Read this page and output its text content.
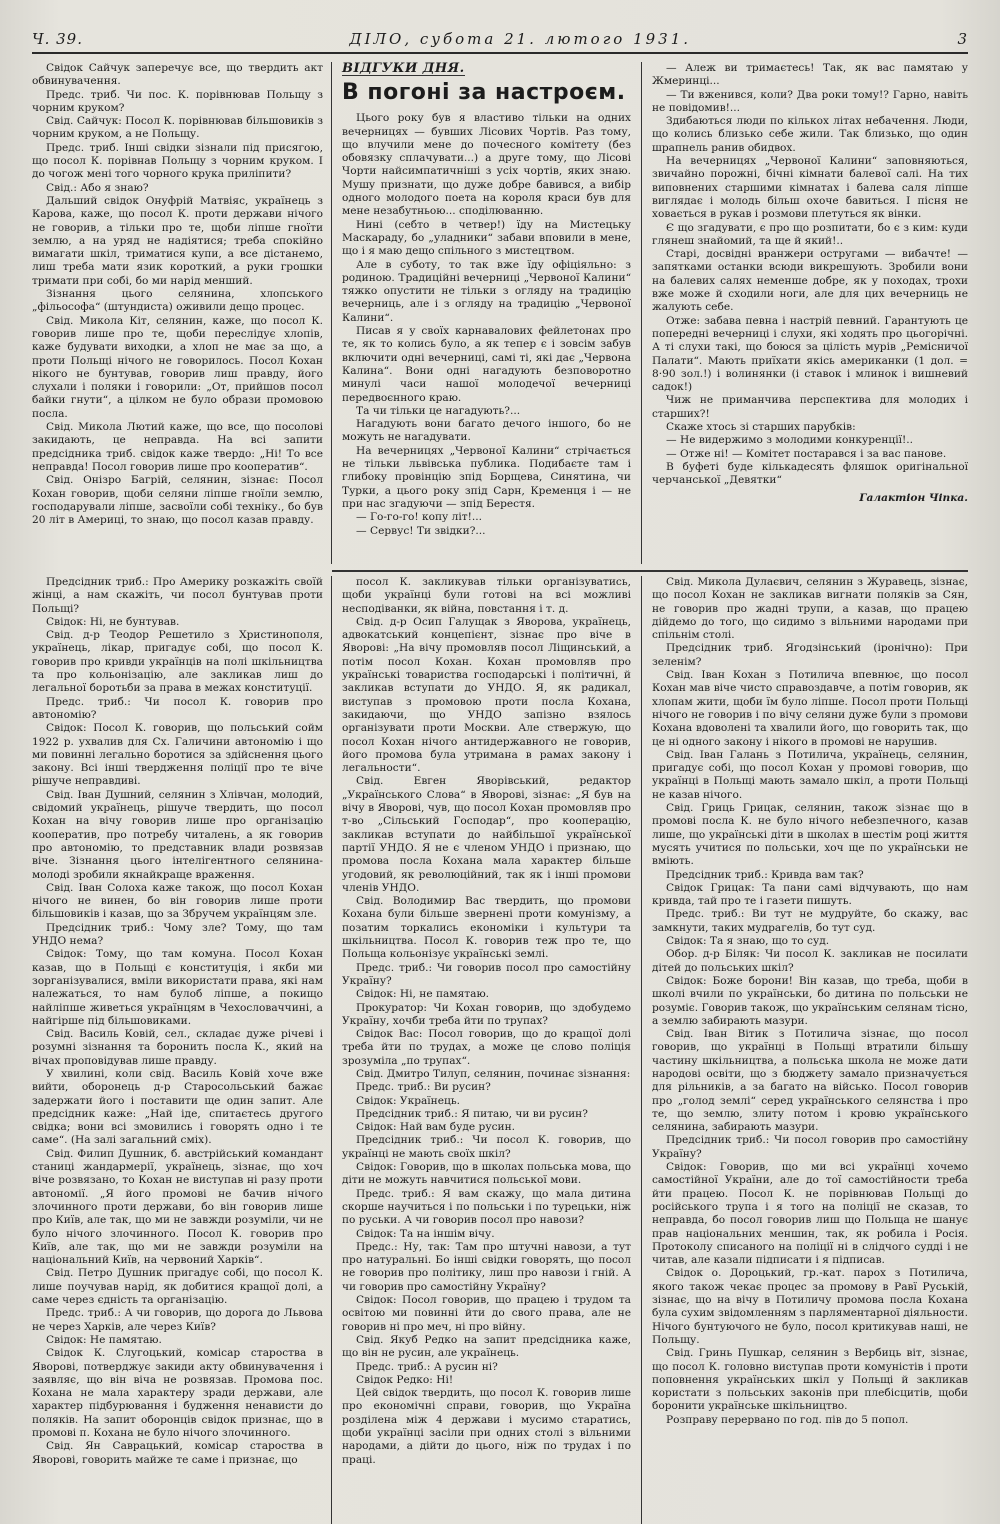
Ч. 39.	ДІЛО, субота 21. лютого 1931.	3

Свідок Сайчук заперечує все, що твердить акт обвинувачення.

Предс. триб. Чи пос. К. порівнював Польщу з чорним круком?

Свід. Сайчук: Посол К. порівнював більшовиків з чорним круком, а не Польщу.

Предс. триб. Інші свідки зізнали під присягою, що посол К. порівнав Польщу з чорним круком. І до чогож мені того чорного крука приліпити?

Свід.: Або я знаю?

Дальший свідок Онуфрій Матвіяс, українець з Карова, каже, що посол К. проти держави нічого не говорив, а тільки про те, щоби ліпше гноїти землю, а на уряд не надіятися; треба спокійно вимагати шкіл, триматися купи, а все дістанемо, лиш треба мати язик короткий, а руки грошки тримати при собі, бо ми нарід менший.

Зізнання цього селянина, хлопського „фільософа“ (штундиста) оживили дещо процес.

Свід. Микола Кіт, селянин, каже, що посол К. говорив лише про те, щоби переслідує хлопів, каже будувати виходки, а хлоп не має за що, а проти Польщі нічого не говорилось. Посол Кохан нікого не бунтував, говорив лиш правду, його слухали і поляки і говорили: „От, прийшов посол байки гнути“, а цілком не було образи промовою посла.

Свід. Микола Лютий каже, що все, що посолові закидають, це неправда. На всі запити предсідника триб. свідок каже твердо: „Ні! То все неправда! Посол говорив лише про кооператив“.

Свід. Онізро Багрій, селянин, зізнає: Посол Кохан говорив, щоби селяни ліпше гноїли землю, господарували ліпше, засвоїли собі техніку., бо був 20 літ в Америці, то знаю, що посол казав правду.

ВІДГУКИ ДНЯ.
В погоні за настроєм.

Цього року був я властиво тільки на одних вечерницях — бувших Лісових Чортів. Раз тому, що влучили мене до почесного комітету (без обовязку сплачувати...) а друге тому, що Лісові Чорти найсимпатичніші з усіх чортів, яких знаю. Мушу признати, що дуже добре бавився, а вибір одного молодого поета на короля краси був для мене незабутньою... споділюванню.

Нині (себто в четвер!) їду на Мистецьку Маскараду, бо „уладники“ забави вповили в мене, що і я маю дещо спільного з мистецтвом.

Але в суботу, то так вже їду офіціяльно: з родиною. Традиційні вечерниці „Червоної Калини“ тяжко опустити не тільки з огляду на традицію вечерниць, але і з огляду на традицію „Червоної Калини“.

Писав я у своїх карнавалових фейлетонах про те, як то колись було, а як тепер є і зовсім забув включити одні вечерниці, самі ті, які дає „Червона Калина“. Вони одні нагадують безповоротно минулі часи нашої молодечої вечерниці передвоєнного краю.

Та чи тільки це нагадують?...

Нагадують вони багато дечого іншого, бо не можуть не нагадувати.

На вечерницях „Червоної Калини“ стрічається не тільки львівська публика. Подибаєте там і глибоку провінцію зпід Борщева, Синятина, чи Турки, а цього року зпід Сарн, Кременця і — не при нас згадуючи — зпід Берестя.

— Го-го-го! копу літ!...

— Сервус! Ти звідки?...

— Алеж ви тримаєтесь! Так, як вас памятаю у Жмеринці...

— Ти вженився, коли? Два роки тому!? Гарно, навіть не повідомив!...

Здибаються люди по кількох літах небачення. Люди, що колись близько себе жили. Так близько, що один шрапнель ранив обидвох.

На вечерницях „Червоної Калини“ заповняються, звичайно порожні, бічні кімнати балевої салі. На тих виповнених старшими кімнатах і балева саля ліпше виглядає і молодь більш охоче бавиться. І пісня не ховається в рукав і розмови плетуться як вінки.

Є що згадувати, є про що розпитати, бо є з ким: куди глянеш знайомий, та ще й який!..

Старі, досвідні вранжери остругами — вибачте! — запятками останки всюди викрешують. Зробили вони на балевих салях неменше добре, як у походах, трохи вже може й сходили ноги, але для цих вечерниць не жалують себе.

Отже: забава певна і настрій певний. Гарантують це попередні вечерниці і слухи, які ходять про цьогорічні. А ті слухи такі, що боюся за цілість мурів „Ремісничої Палати“. Мають приїхати якісь американки (1 дол. = 8·90 зол.!) і волинянки (і ставок і млинок і вишневий садок!)

Чиж не приманчива перспектива для молодих і старших?!

Скаже хтось зі старших парубків:

— Не видержимо з молодими конкуренції!..

— Отже ні! — Комітет постарався і за вас панове.

В буфеті буде кількадесять фляшок оригінальної черчанської „Девятки“

Галактіон Чіпка.

Предсідник триб.: Про Америку розкажіть своїй жінці, а нам скажіть, чи посол бунтував проти Польщі?

Свідок: Ні, не бунтував.

Свід. д-р Теодор Решетило з Христинополя, українець, лікар, пригадує собі, що посол К. говорив про кривди українців на полі шкільництва та про кольонізацію, але закликав лиш до легальної боротьби за права в межах конституції.

Предс. триб.: Чи посол К. говорив про автономію?

Свідок: Посол К. говорив, що польський сойм 1922 р. ухвалив для Сх. Галичини автономію і що ми повинні легально боротися за здійснення цього закону. Всі інші твердження поліції про те вічe рішуче неправдиві.

Свід. Іван Душний, селянин з Хлівчан, молодий, свідомий українець, рішуче твердить, що посол Кохан на вічу говорив лише про організацію кооператив, про потребу читалень, а як говорив про автономію, то представник влади розвязав віче. Зізнання цього інтелігентного селянина-молоді зробили якнайкраще враження.

Свід. Іван Солоха каже також, що посол Кохан нічого не винен, бо він говорив лише проти більшовиків і казав, що за Збручем українцям зле.

Предсідник триб.: Чому зле? Тому, що там УНДО нема?

Свідок: Тому, що там комуна. Посол Кохан казав, що в Польщі є конституція, і якби ми зорганізувалися, вміли використати права, які нам належаться, то нам булоб ліпше, а покищо найліпше живеться українцям в Чехословаччині, а найгірше під більшовиками.

Свід. Василь Ковій, сел., складає дуже річеві і розумні зізнання та боронить посла К., який на вічах проповідував лише правду.

У хвилині, коли свід. Василь Ковій хоче вже вийти, оборонець д-р Старосольський бажає задержати його і поставити ще один запит. Але предсідник каже: „Най іде, спитаєтесь другого свідка; вони всі змовились і говорять одно і те саме“. (На залі загальний сміх).

Свід. Филип Душник, б. австрійський командант станиці жандармерії, українець, зізнає, що хоч віче розвязано, то Кохан не виступав ні разу проти автономії. „Я його промові не бачив нічого злочинного проти держави, бо він говорив лише про Київ, але так, що ми не завжди розуміли, чи не було нічого злочинного. Посол К. говорив про Київ, але так, що ми не завжди розуміли на національний Київ, на червоний Харків“.

Свід. Петро Душник пригадує собі, що посол К. лише поучував нарід, як добитися кращої долі, а саме через єдність та організацію.

Предс. триб.: А чи говорив, що дорога до Львова не через Харків, але через Київ?

Свідок: Не памятаю.

Свідок К. Слугоцький, комісар староства в Яворові, потверджує закиди акту обвинувачення і заявляє, що він віча не розвязав. Промова пос. Кохана не мала характеру зради держави, але характер підбурювання і будження ненависти до поляків. На запит оборонців свідок признає, що в промові п. Кохана не було нічого злочинного.

Свід. Ян Саврацький, комісар староства в Яворові, говорить майже те саме і признає, що

посол К. закликував тільки організуватись, щоби українці були готові на всі можливі несподіванки, як війна, повстання і т. д.

Свід. д-р Осип Галущак з Яворова, українець, адвокатський концепієнт, зізнає про віче в Яворові: „На вічу промовляв посол Ліщинський, а потім посол Кохан. Кохан промовляв про українські товариства господарські і політичні, й закликав вступати до УНДО. Я, як радикал, виступав з промовою проти посла Кохана, закидаючи, що УНДО запізно взялось організувати проти Москви. Але ствержую, що посол Кохан нічого антидержавного не говорив, його промова була утримана в рамах закону і легальности“.

Свід. Евген Яворівський, редактор „Українського Слова“ в Яворові, зізнає: „Я був на вічу в Яворові, чув, що посол Кохан промовляв про т-во „Сільський Господар“, про кооперацію, закликав вступати до найбільшої української партії УНДО. Я не є членом УНДО і признаю, що промова посла Кохана мала характер більше угодовий, як революційний, так як і інші промови членів УНДО.

Свід. Володимир Вас твердить, що промови Кохана були більше звернені проти комунізму, а позатим торкались економіки і культури та шкільництва. Посол К. говорив теж про те, що Польща кольонізує українські землі.

Предс. триб.: Чи говорив посол про самостійну Україну?

Свідок: Ні, не памятаю.

Прокуратор: Чи Кохан говорив, що здобудемо Україну, хочби треба йти по трупах?

Свідок Вас: Посол говорив, що до кращої долі треба йти по трудах, а може це слово поліція зрозуміла „по трупах“.

Свід. Дмитро Тилуп, селянин, починає зізнання:

Предс. триб.: Ви русин?

Свідок: Українець.

Предсідник триб.: Я питаю, чи ви русин?

Свідок: Най вам буде русин.

Предсідник триб.: Чи посол К. говорив, що українці не мають своїх шкіл?

Свідок: Говорив, що в школах польська мова, що діти не можуть навчитися польської мови.

Предс. триб.: Я вам скажу, що мала дитина скорше научиться і по польськи і по турецьки, ніж по руськи. А чи говорив посол про навози?

Свідок: Та на іншім вічу.

Предс.: Ну, так: Там про штучні навози, а тут про натуральні. Бо інші свідки говорять, що посол не говорив про політику, лиш про навози і гній. А чи говорив про самостійну Україну?

Свідок: Посол говорив, що працею і трудом та освітою ми повинні йти до свого права, але не говорив ні про меч, ні про війну.

Свід. Якуб Редко на запит предсідника каже, що він не русин, але українець.

Предс. триб.: А русин ні?

Свідок Редко: Ні!

Цей свідок твердить, що посол К. говорив лише про економічні справи, говорив, що Україна розділена між 4 держави і мусимо старатись, щоби українці засіли при одних столі з вільними народами, а дійти до цього, ніж по трудах і по праці.

Свід. Микола Дулаєвич, селянин з Журавець, зізнає, що посол Кохан не закликав вигнати поляків за Сян, не говорив про жадні трупи, а казав, що працею дійдемо до того, що сидимо з вільними народами при спільнім столі.

Предсідник триб. Ягодзінський (іронічно): При зеленім?

Свід. Іван Кохан з Потилича впевнює, що посол Кохан мав віче чисто справоздавче, а потім говорив, як хлопам жити, щоби їм було ліпше. Посол проти Польщі нічого не говорив і по вічу селяни дуже були з промови Кохана вдоволені та хвалили його, що говорить так, що це ні одного закону і нікого в промові не нарушив.

Свід. Іван Галань з Потилича, українець, селянин, пригадує собі, що посол Кохан у промові говорив, що українці в Польщі мають замало шкіл, а проти Польщі не казав нічого.

Свід. Гриць Грицак, селянин, також зізнає що в промові посла К. не було нічого небезпечного, казав лише, що українські діти в школах в шестім році життя мусять учитися по польськи, хоч ще по українськи не вміють.

Предсідник триб.: Кривда вам так?

Свідок Грицак: Та пани самі відчувають, що нам кривда, тай про те і газети пишуть.

Предс. триб.: Ви тут не мудруйте, бо скажу, вас замкнути, таких мудрагелів, бо тут суд.

Свідок: Та я знаю, що то суд.

Обор. д-р Біляк: Чи посол К. закликав не посилати дітей до польських шкіл?

Свідок: Боже борони! Він казав, що треба, щоби в школі вчили по українськи, бо дитина по польськи не розуміє. Говорив також, що українським селянам тісно, а землю забирають мазури.

Свід. Іван Вітик з Потилича зізнає, що посол говорив, що українці в Польщі втратили більшу частину шкільництва, а польська школа не може дати народові освіти, що з бюджету замало призначується для рільників, а за багато на військо. Посол говорив про „голод землі“ серед українського селянства і про те, що землю, злиту потом і кровю українського селянина, забирають мазури.

Предсідник триб.: Чи посол говорив про самостійну Україну?

Свідок: Говорив, що ми всі українці хочемо самостійної України, але до тої самостійности треба йти працею. Посол К. не порівнював Польщі до російського трупа і я того на поліції не сказав, то неправда, бо посол говорив лиш що Польща не шанує прав національних меншин, так, як робила і Росія. Протоколу списаного на поліції ні в слідчого судді і не читав, але казали підписати і я підписав.

Свідок о. Дороцький, гр.-кат. парох з Потилича, якого також чекає процес за промову в Равї Руській, зізнає, що на вічу в Потиличу промова посла Кохана була сухим звідомленням з парляментарної діяльности. Нічого бунтуючого не було, посол критикував наші, не Польщу.

Свід. Гринь Пушкар, селянин з Вербиць віт, зізнає, що посол К. головно виступав проти комуністів і проти поповнення українських шкіл у Польщі й закликав користати з польських законів при плебісцитів, щоби боронити українське шкільництво.

Розправу перервано по год. пів до 5 попол.
